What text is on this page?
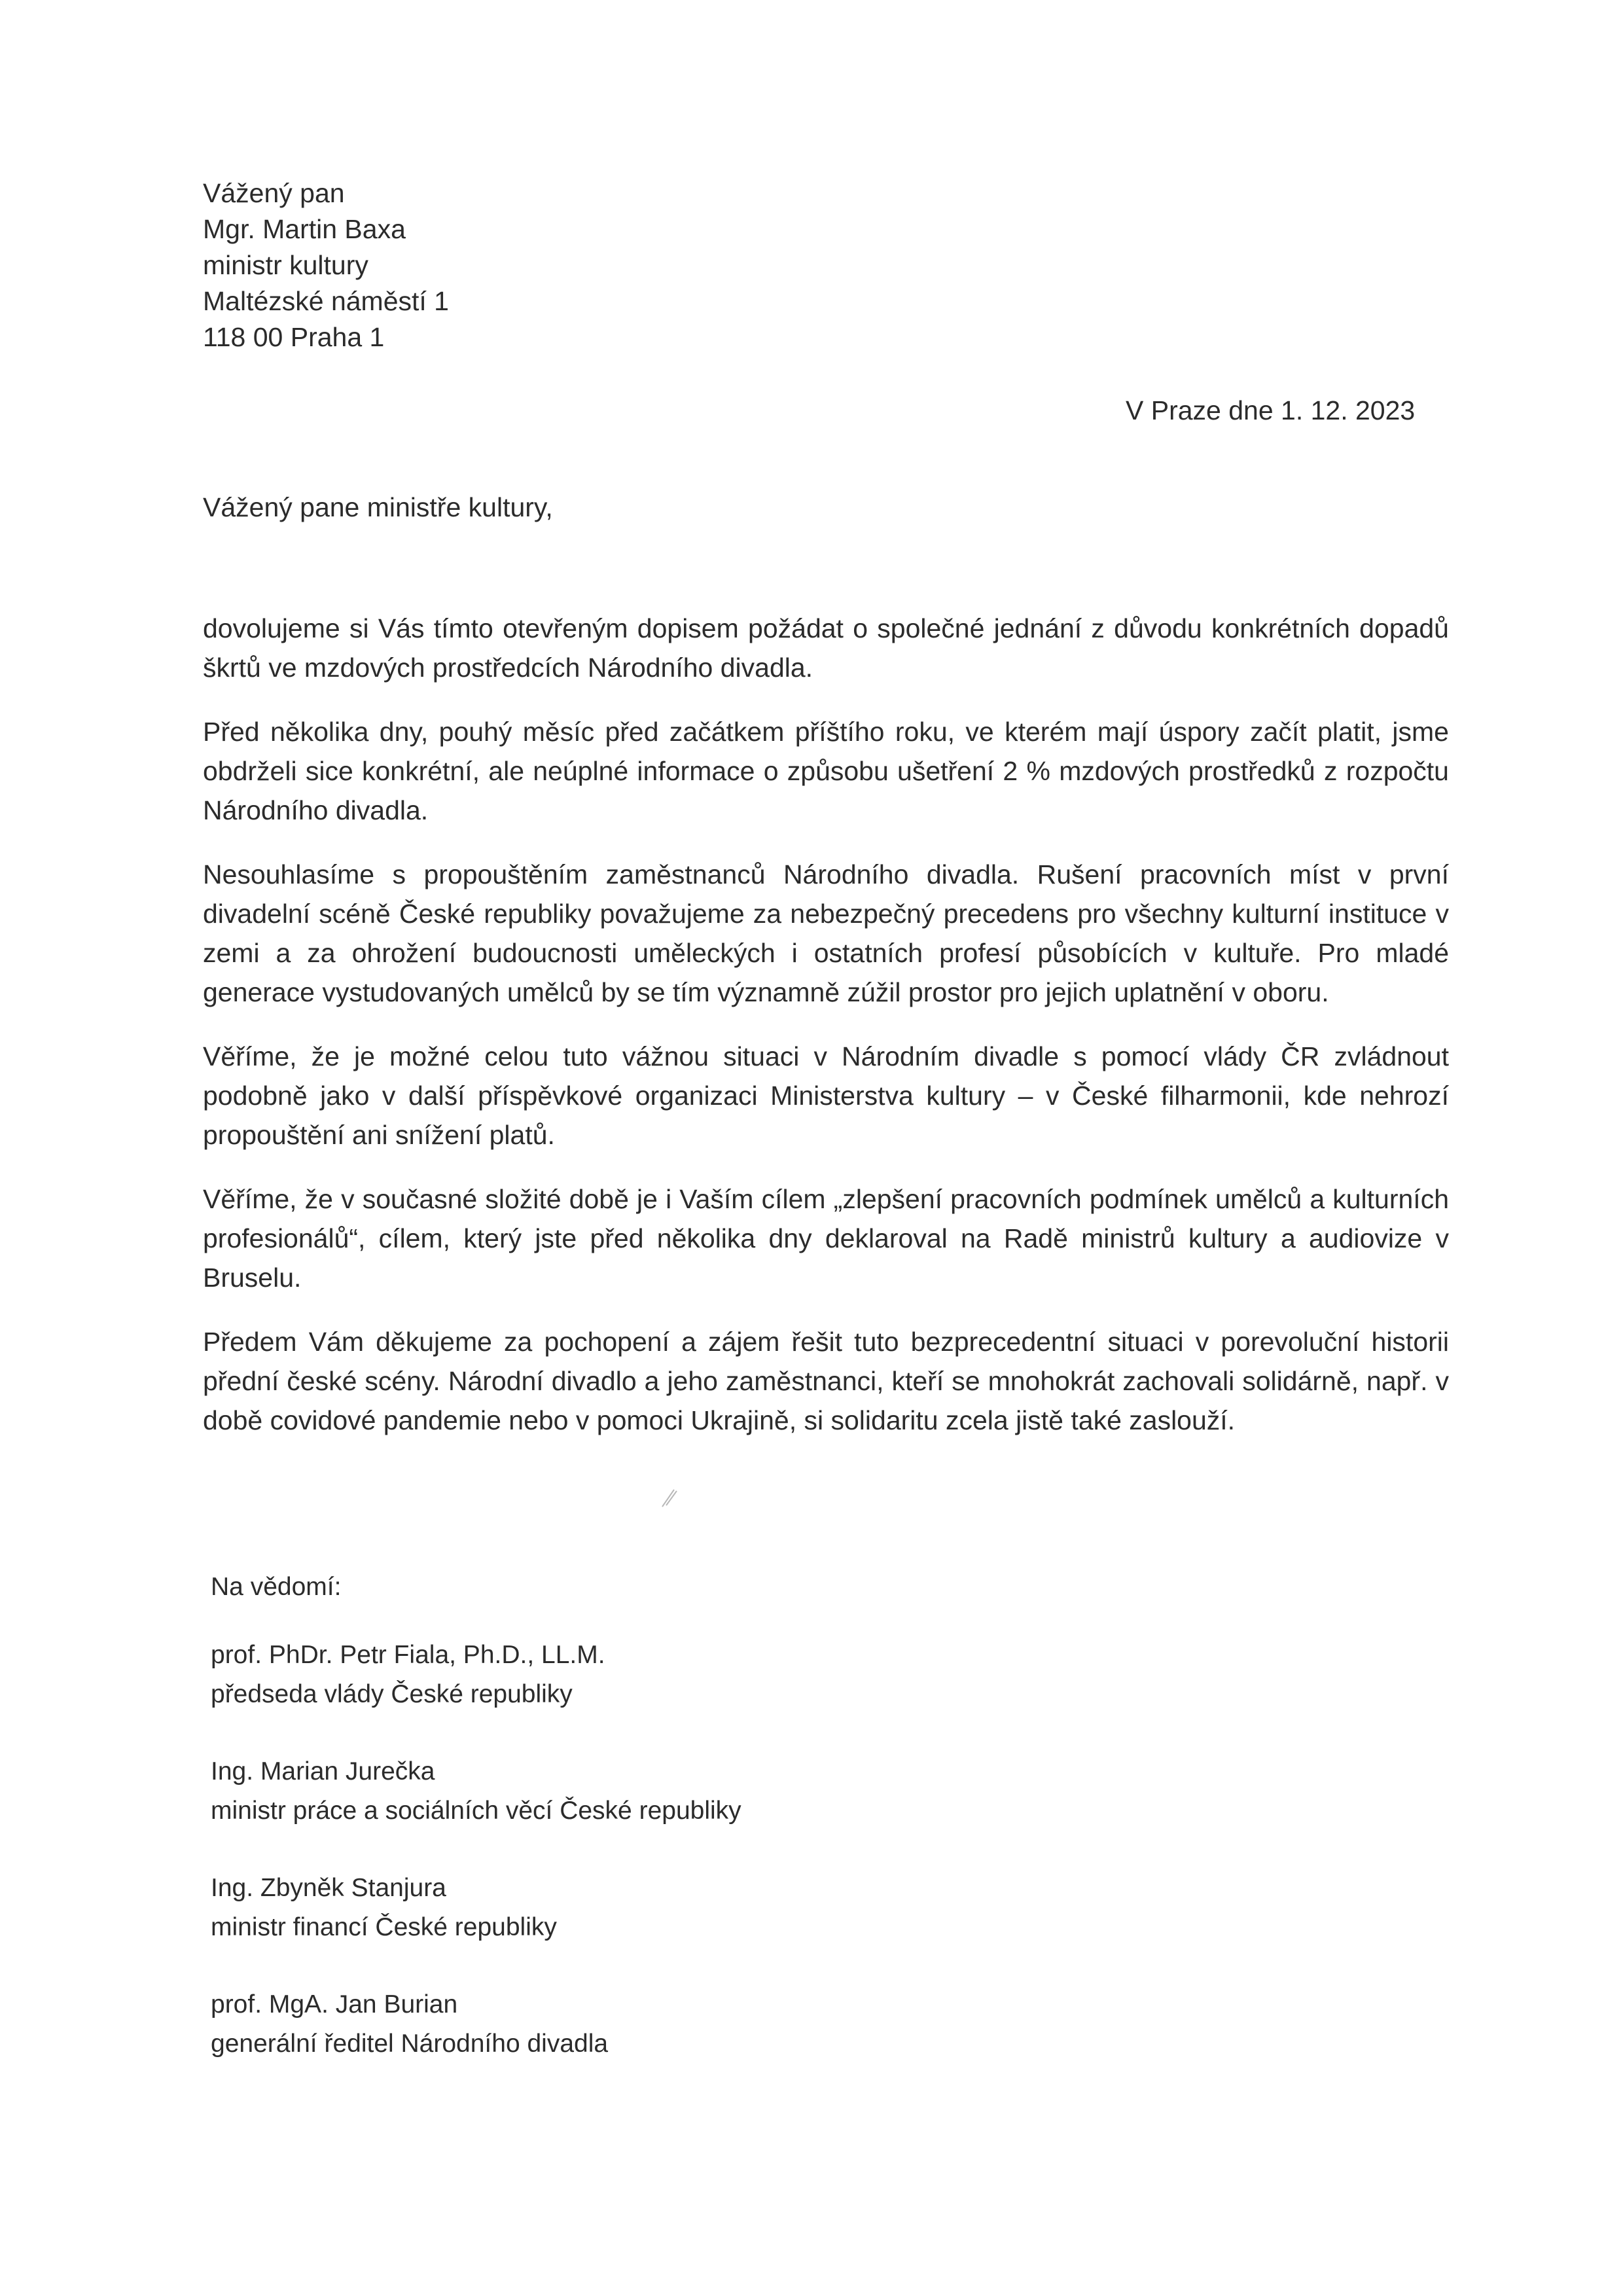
Vážený pan
Mgr. Martin Baxa
ministr kultury
Maltézské náměstí 1
118 00 Praha 1
V Praze dne 1. 12. 2023
Vážený pane ministře kultury,

dovolujeme si Vás tímto otevřeným dopisem požádat o společné jednání z důvodu konkrétních dopadů škrtů ve mzdových prostředcích Národního divadla.

Před několika dny, pouhý měsíc před začátkem příštího roku, ve kterém mají úspory začít platit, jsme obdrželi sice konkrétní, ale neúplné informace o způsobu ušetření 2 % mzdových prostředků z rozpočtu Národního divadla.

Nesouhlasíme s propouštěním zaměstnanců Národního divadla. Rušení pracovních míst v první divadelní scéně České republiky považujeme za nebezpečný precedens pro všechny kulturní instituce v zemi a za ohrožení budoucnosti uměleckých i ostatních profesí působících v kultuře. Pro mladé generace vystudovaných umělců by se tím významně zúžil prostor pro jejich uplatnění v oboru.

Věříme, že je možné celou tuto vážnou situaci v Národním divadle s pomocí vlády ČR zvládnout podobně jako v další příspěvkové organizaci Ministerstva kultury – v České filharmonii, kde nehrozí propouštění ani snížení platů.

Věříme, že v současné složité době je i Vaším cílem „zlepšení pracovních podmínek umělců a kulturních profesionálů“, cílem, který jste před několika dny deklaroval na Radě ministrů kultury a audiovize v Bruselu.

Předem Vám děkujeme za pochopení a zájem řešit tuto bezprecedentní situaci v porevoluční historii přední české scény. Národní divadlo a jeho zaměstnanci, kteří se mnohokrát zachovali solidárně, např. v době covidové pandemie nebo v pomoci Ukrajině, si solidaritu zcela jistě také zaslouží.

Na vědomí:
prof. PhDr. Petr Fiala, Ph.D., LL.M.
předseda vlády České republiky
Ing. Marian Jurečka
ministr práce a sociálních věcí České republiky
Ing. Zbyněk Stanjura
ministr financí České republiky
prof. MgA. Jan Burian
generální ředitel Národního divadla
